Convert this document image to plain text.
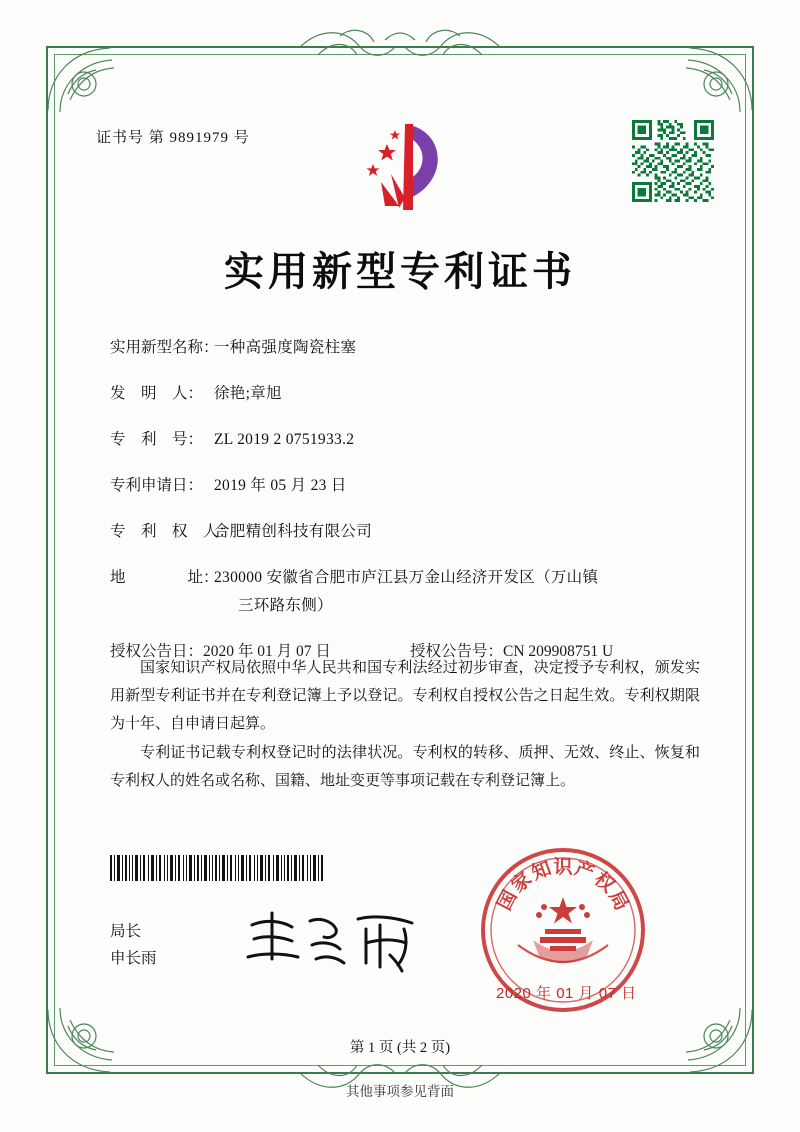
证书号 第 9891979 号
实用新型专利证书
实用新型名称：
一种高强度陶瓷柱塞
发　明　人： 徐艳;章旭
专　利　号： ZL 2019 2 0751933.2
专利申请日： 2019 年 05 月 23 日
专　利　权　人：
合肥精创科技有限公司
地　　　　址：
230000 安徽省合肥市庐江县万金山经济开发区（万山镇
三环路东侧）
授权公告日：2020 年 01 月 07 日	授权公告号：CN 209908751 U

国家知识产权局依照中华人民共和国专利法经过初步审查，决定授予专利权，颁发实用新型专利证书并在专利登记簿上予以登记。专利权自授权公告之日起生效。专利权期限为十年、自申请日起算。

专利证书记载专利权登记时的法律状况。专利权的转移、质押、无效、终止、恢复和专利权人的姓名或名称、国籍、地址变更等事项记载在专利登记簿上。

局长
申长雨
国
家
知 识 产
权
局
2020 年 01 月 07 日
第 1 页 (共 2 页)
其他事项参见背面
